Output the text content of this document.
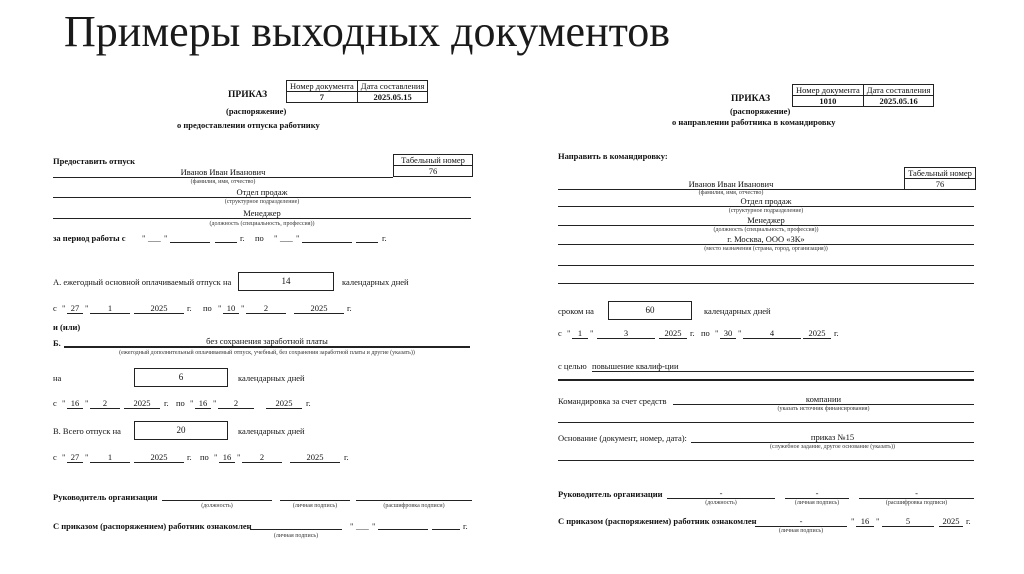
Примеры выходных документов
Номер документа	Дата составления
7	2025.05.15
ПРИКАЗ
(распоряжение)
о предоставлении отпуска работнику
Предоставить отпуск	Табельный номер
76
Иванов Иван Иванович
(фамилия, имя, отчество)
Отдел продаж
(структурное подразделение)
Менеджер
(должность (специальность, профессия))
за период работы с " ___ "	г. по " ___ "	г.
А. ежегодный основной оплачиваемый отпуск на	14	календарных дней
с " 27 "	1	2025	г. по " 10 "	2	2025	г.
и (или)
Б.	без сохранения заработной платы
(ежегодный дополнительный оплачиваемый отпуск, учебный, без сохранения заработной платы и другие (указать))
на	6	календарных дней
с " 16 "	2	2025	г. по " 16 "	2	2025	г.
В. Всего отпуск на	20	календарных дней
с " 27 "	1	2025	г. по " 16 "	2	2025	г.
Руководитель организации
(должность)	(личная подпись)	(расшифровка подписи)
С приказом (распоряжением) работник ознакомлен
(личная подпись)
" ___ "	г.
Номер документа	Дата составления
1010	2025.05.16
ПРИКАЗ
(распоряжение)
о направлении работника в командировку
Направить в командировку:
Табельный номер
76
Иванов Иван Иванович
(фамилия, имя, отчество)
Отдел продаж
(структурное подразделение)
Менеджер
(должность (специальность, профессия))
г. Москва, ООО «ЗК»
(место назначения (страна, город, организация))
сроком на	60	календарных дней
с " 1 "	3	2025	г. по " 30 "	4	2025	г.
с целью повышение квалиф-ции
Командировка за счет средств	компании
(указать источник финансирования)
Основание (документ, номер, дата):	приказ №15
(служебное задание, другое основание (указать))
Руководитель организации	-	-	-
(должность)	(личная подпись)	(расшифровка подписи)
С приказом (распоряжением) работник ознакомлен	-
(личная подпись)
" 16 "	5	2025 г.
